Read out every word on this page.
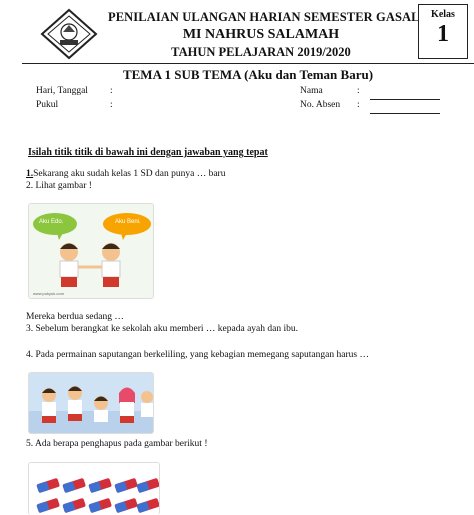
PENILAIAN ULANGAN HARIAN SEMESTER GASAL
MI NAHRUS SALAMAH
TAHUN PELAJARAN 2019/2020
Kelas
1
TEMA 1 SUB TEMA (Aku dan Teman Baru)
Hari, Tanggal :
Pukul	:
Nama	:
No. Absen :
Isilah titik titik di bawah ini dengan jawaban yang tepat
1.Sekarang aku sudah kelas 1 SD dan punya … baru
2. Lihat gambar !
Aku Edo.	Aku Beni.
www.pukyuk.com
Mereka berdua sedang …
3. Sebelum berangkat ke sekolah aku memberi … kepada ayah dan ibu.
4. Pada permainan saputangan berkeliling, yang kebagian memegang saputangan harus …
5. Ada berapa penghapus pada gambar berikut !
